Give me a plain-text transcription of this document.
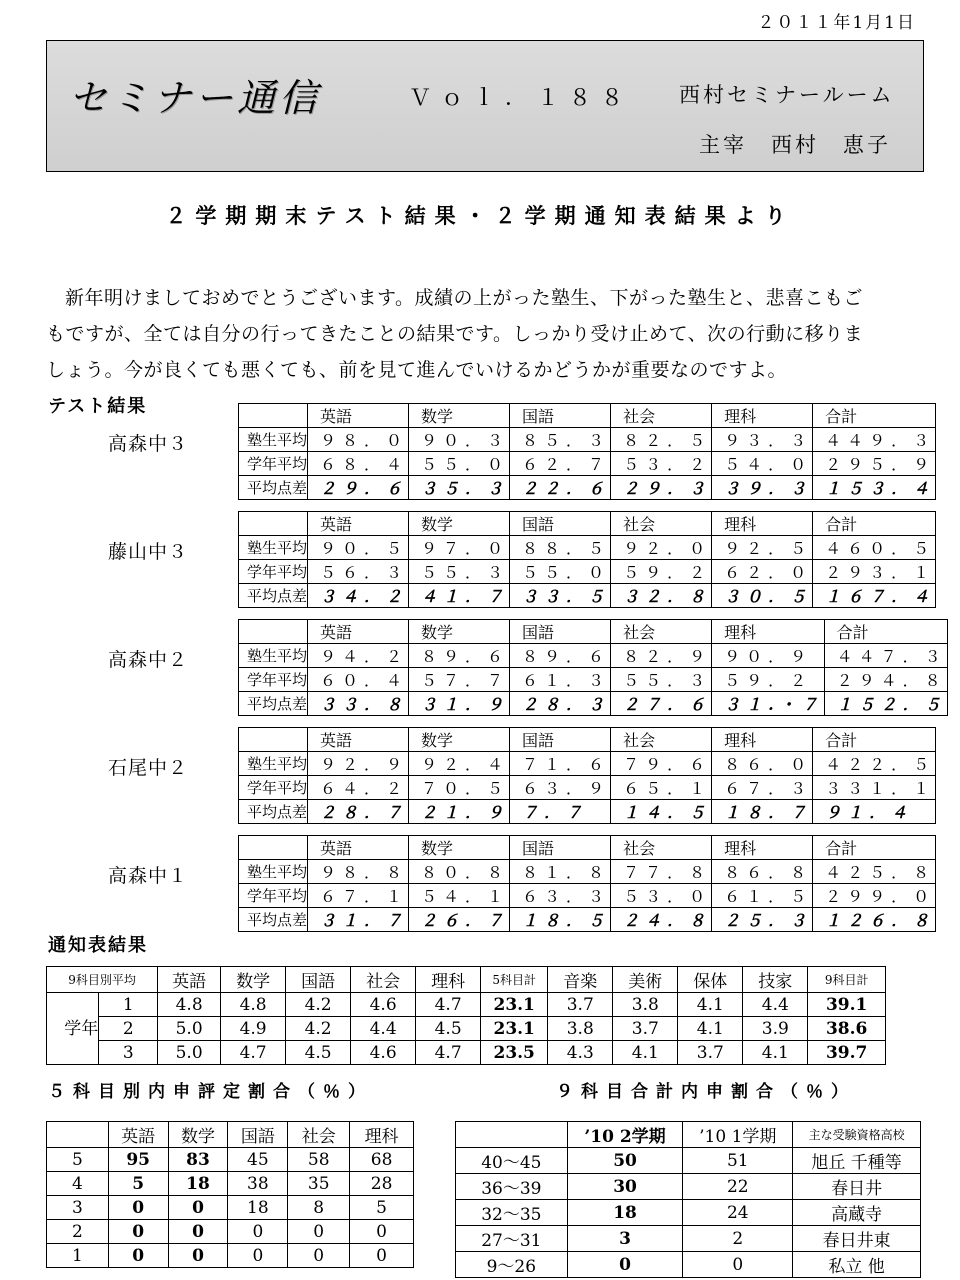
２０１１年1月1日
セミナー通信	Ｖｏｌ．１８８ 西村セミナールーム
主宰　西村　恵子
２学期期末テスト結果・２学期通知表結果より
新年明けましておめでとうございます。成績の上がった塾生、下がった塾生と、悲喜こもご
もですが、全ては自分の行ってきたことの結果です。しっかり受け止めて、次の行動に移りま
しょう。今が良くても悪くても、前を見て進んでいけるかどうかが重要なのですよ。
テスト結果
高森中３
	英語	数学	国語	社会	理科	合計
塾生平均	９８．０	９０．３	８５．３	８２．５	９３．３	４４９．３
学年平均	６８．４	５５．０	６２．７	５３．２	５４．０	２９５．９
平均点差	２９．６	３５．３	２２．６	２９．３	３９．３	１５３．４
藤山中３
	英語	数学	国語	社会	理科	合計
塾生平均	９０．５	９７．０	８８．５	９２．０	９２．５	４６０．５
学年平均	５６．３	５５．３	５５．０	５９．２	６２．０	２９３．１
平均点差	３４．２	４１．７	３３．５	３２．８	３０．５	１６７．４
高森中２
	英語	数学	国語	社会	理科	合計
塾生平均	９４．２	８９．６	８９．６	８２．９	９０．９	４４７．３
学年平均	６０．４	５７．７	６１．３	５５．３	５９．２	２９４．８
平均点差	３３．８	３１．９	２８．３	２７．６	３１.・７	１５２．５
石尾中２
	英語	数学	国語	社会	理科	合計
塾生平均	９２．９	９２．４	７１．６	７９．６	８６．０	４２２．５
学年平均	６４．２	７０．５	６３．９	６５．１	６７．３	３３１．１
平均点差	２８．７	２１．９	７．７	１４．５	１８．７	９１．４
高森中１
	英語	数学	国語	社会	理科	合計
塾生平均	９８．８	８０．８	８１．８	７７．８	８６．８	４２５．８
学年平均	６７．１	５４．１	６３．３	５３．０	６１．５	２９９．０
平均点差	３１．７	２６．７	１８．５	２４．８	２５．３	１２６．８
通知表結果
9科目別平均		英語	数学	国語	社会	理科	5科目計	音楽	美術	保体	技家	9科目計
学年	1	4.8	4.8	4.2	4.6	4.7	23.1	3.7	3.8	4.1	4.4	39.1
	2	5.0	4.9	4.2	4.4	4.5	23.1	3.8	3.7	4.1	3.9	38.6
	3	5.0	4.7	4.5	4.6	4.7	23.5	4.3	4.1	3.7	4.1	39.7
５科目別内申評定割合（％）	９科目合計内申割合（％）
	英語	数学	国語	社会	理科
5	95	83	45	58	68
4	5	18	38	35	28
3	0	0	18	8	5
2	0	0	0	0	0
1	0	0	0	0	0
	’10 2学期	’10 1学期	主な受験資格高校
40～45	50	51	旭丘 千種等
36～39	30	22	春日井
32～35	18	24	高蔵寺
27～31	3	2	春日井東
9～26	0	0	私立 他
